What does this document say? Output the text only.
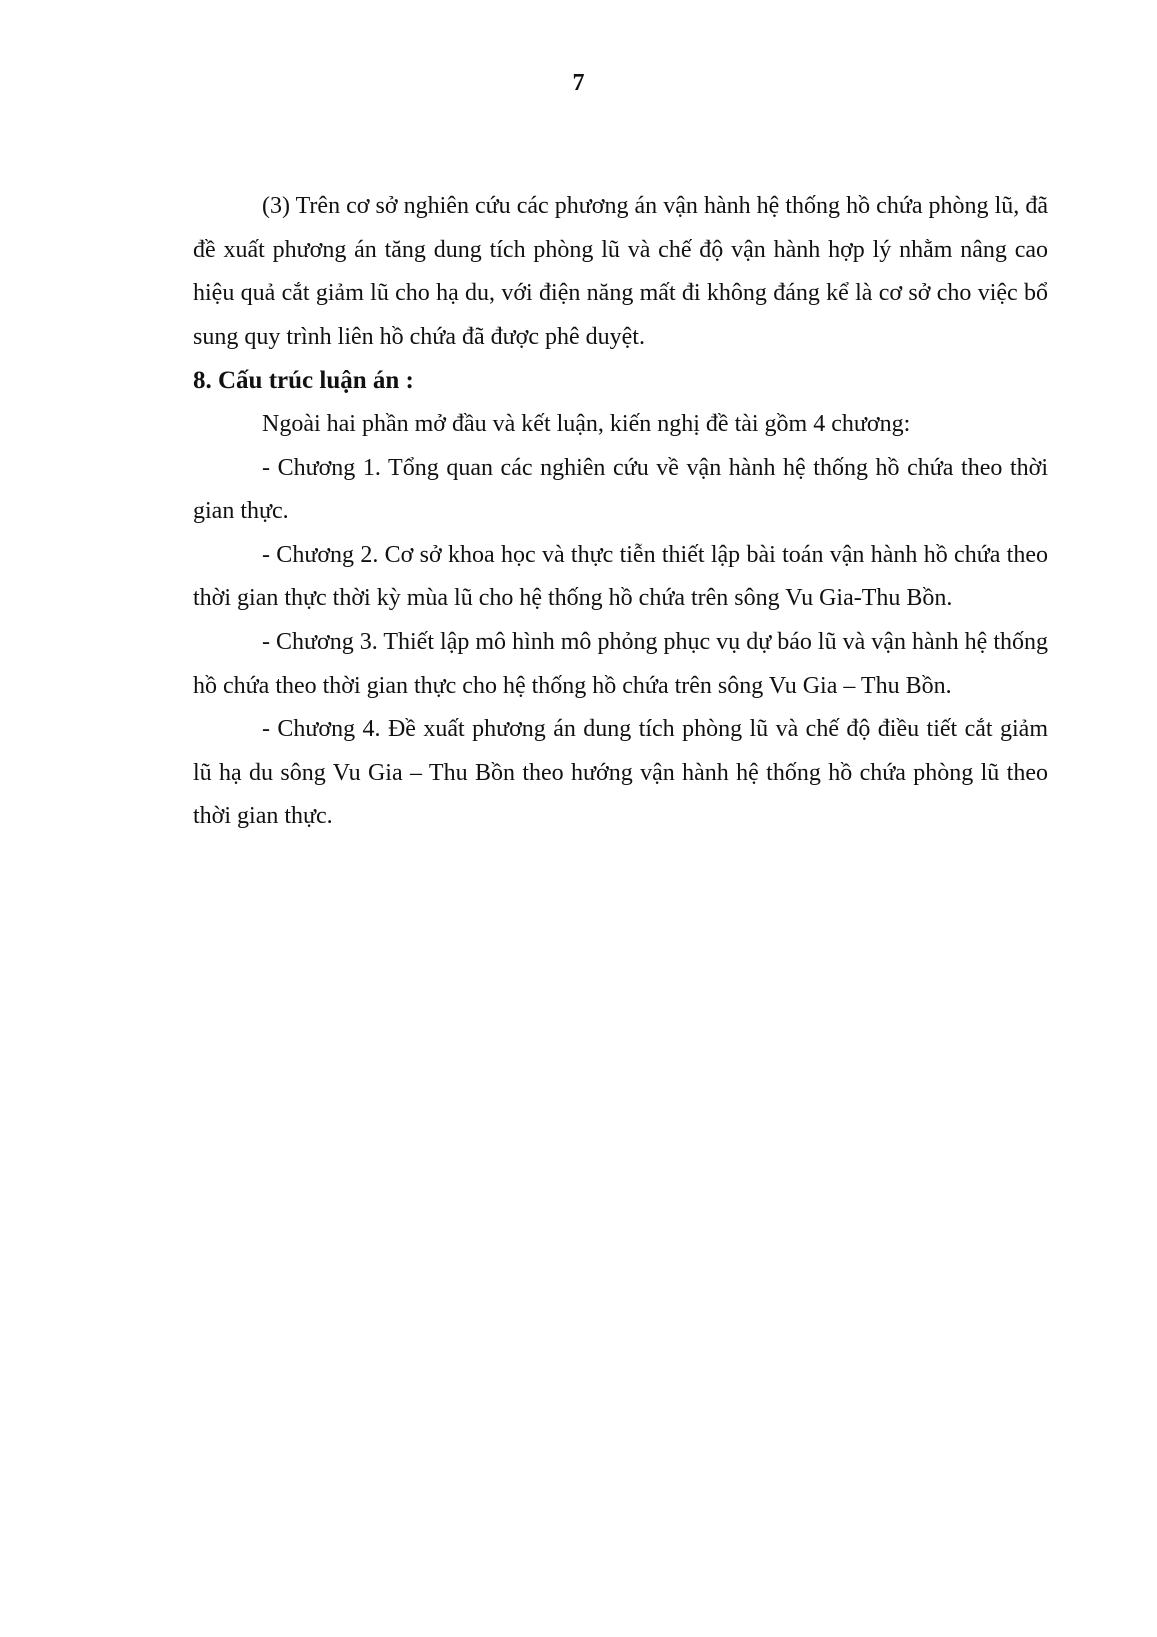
7

(3) Trên cơ sở nghiên cứu các phương án vận hành hệ thống hồ chứa phòng lũ, đã đề xuất phương án tăng dung tích phòng lũ và chế độ vận hành hợp lý nhằm nâng cao hiệu quả cắt giảm lũ cho hạ du, với điện năng mất đi không đáng kể là cơ sở cho việc bổ sung quy trình liên hồ chứa đã được phê duyệt.

8. Cấu trúc luận án :

Ngoài hai phần mở đầu và kết luận, kiến nghị đề tài gồm 4 chương:

- Chương 1. Tổng quan các nghiên cứu về vận hành hệ thống hồ chứa theo thời gian thực.

- Chương 2. Cơ sở khoa học và thực tiễn thiết lập bài toán vận hành hồ chứa theo thời gian thực thời kỳ mùa lũ cho hệ thống hồ chứa trên sông Vu Gia-Thu Bồn.

- Chương 3. Thiết lập mô hình mô phỏng phục vụ dự báo lũ và vận hành hệ thống hồ chứa theo thời gian thực cho hệ thống hồ chứa trên sông Vu Gia – Thu Bồn.

- Chương 4. Đề xuất phương án dung tích phòng lũ và chế độ điều tiết cắt giảm lũ hạ du sông Vu Gia – Thu Bồn theo hướng vận hành hệ thống hồ chứa phòng lũ theo thời gian thực.
